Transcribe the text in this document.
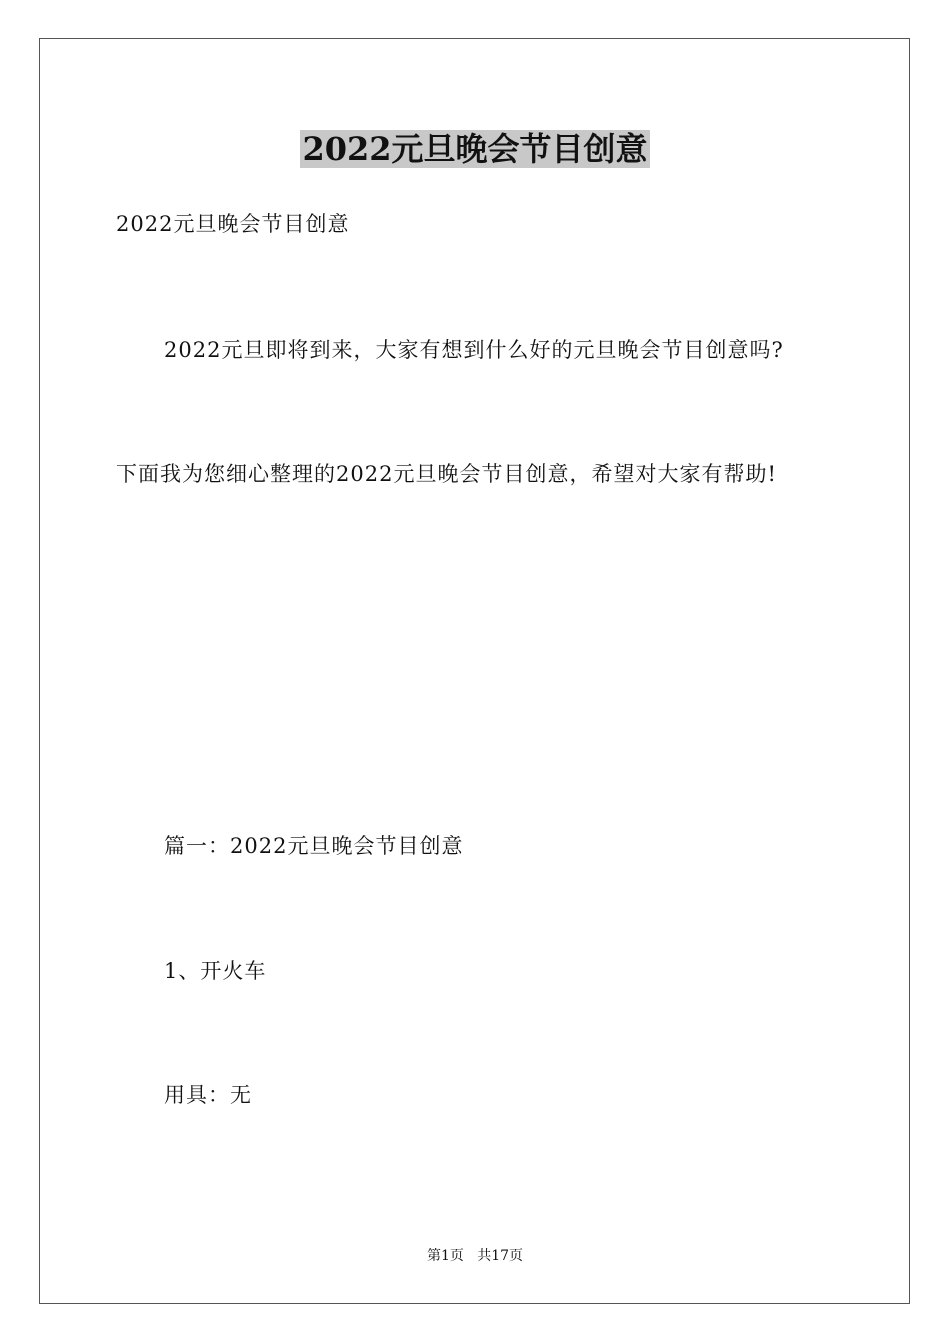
2022元旦晚会节目创意
2022元旦晚会节目创意
2022元旦即将到来，大家有想到什么好的元旦晚会节目创意吗?
下面我为您细心整理的2022元旦晚会节目创意，希望对大家有帮助!
篇一：2022元旦晚会节目创意
1、开火车
用具：无
第1页   共17页
